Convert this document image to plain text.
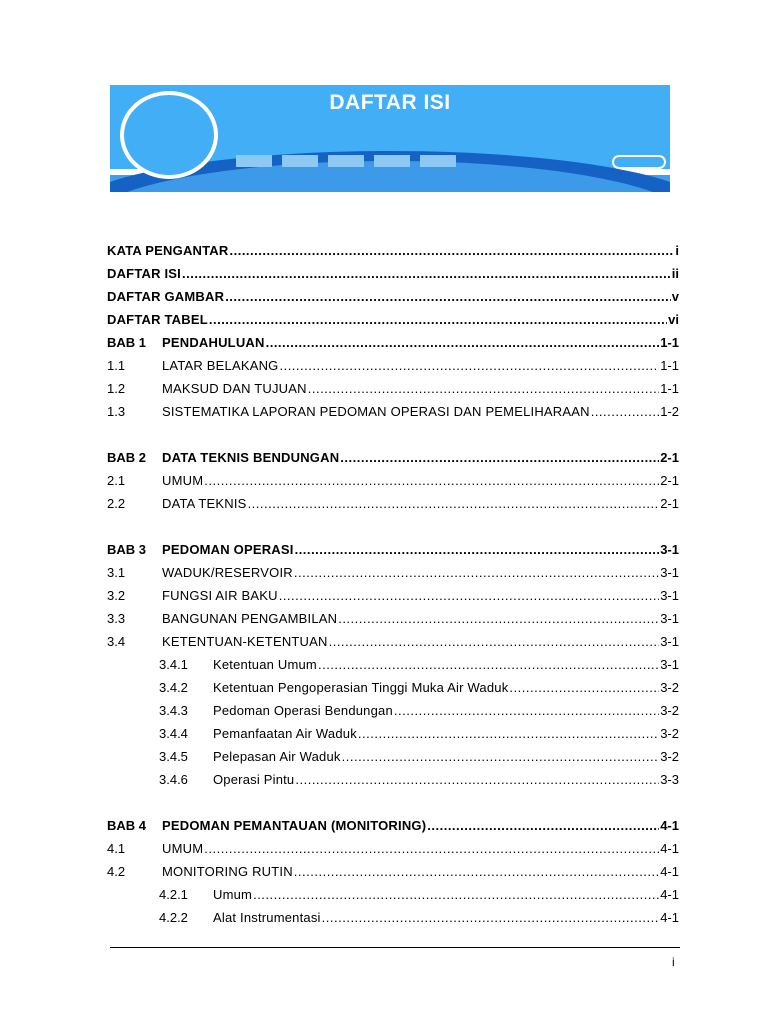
DAFTAR ISI
KATA PENGANTAR .....	i
DAFTAR ISI .....	ii
DAFTAR GAMBAR .....	v
DAFTAR TABEL .....	vi
BAB 1	PENDAHULUAN .....	1-1
1.1	LATAR BELAKANG .....	1-1
1.2	MAKSUD DAN TUJUAN .....	1-1
1.3	SISTEMATIKA LAPORAN PEDOMAN OPERASI DAN PEMELIHARAAN .....	1-2
BAB 2	DATA TEKNIS BENDUNGAN .....	2-1
2.1	UMUM .....	2-1
2.2	DATA TEKNIS .....	2-1
BAB 3	PEDOMAN OPERASI .....	3-1
3.1	WADUK/RESERVOIR .....	3-1
3.2	FUNGSI AIR BAKU .....	3-1
3.3	BANGUNAN PENGAMBILAN .....	3-1
3.4	KETENTUAN-KETENTUAN .....	3-1
3.4.1	Ketentuan Umum .....	3-1
3.4.2	Ketentuan Pengoperasian Tinggi Muka Air Waduk .....	3-2
3.4.3	Pedoman Operasi Bendungan .....	3-2
3.4.4	Pemanfaatan Air Waduk .....	3-2
3.4.5	Pelepasan Air Waduk .....	3-2
3.4.6	Operasi Pintu .....	3-3
BAB 4	PEDOMAN PEMANTAUAN (MONITORING) .....	4-1
4.1	UMUM .....	4-1
4.2	MONITORING RUTIN .....	4-1
4.2.1	Umum .....	4-1
4.2.2	Alat Instrumentasi .....	4-1
i
